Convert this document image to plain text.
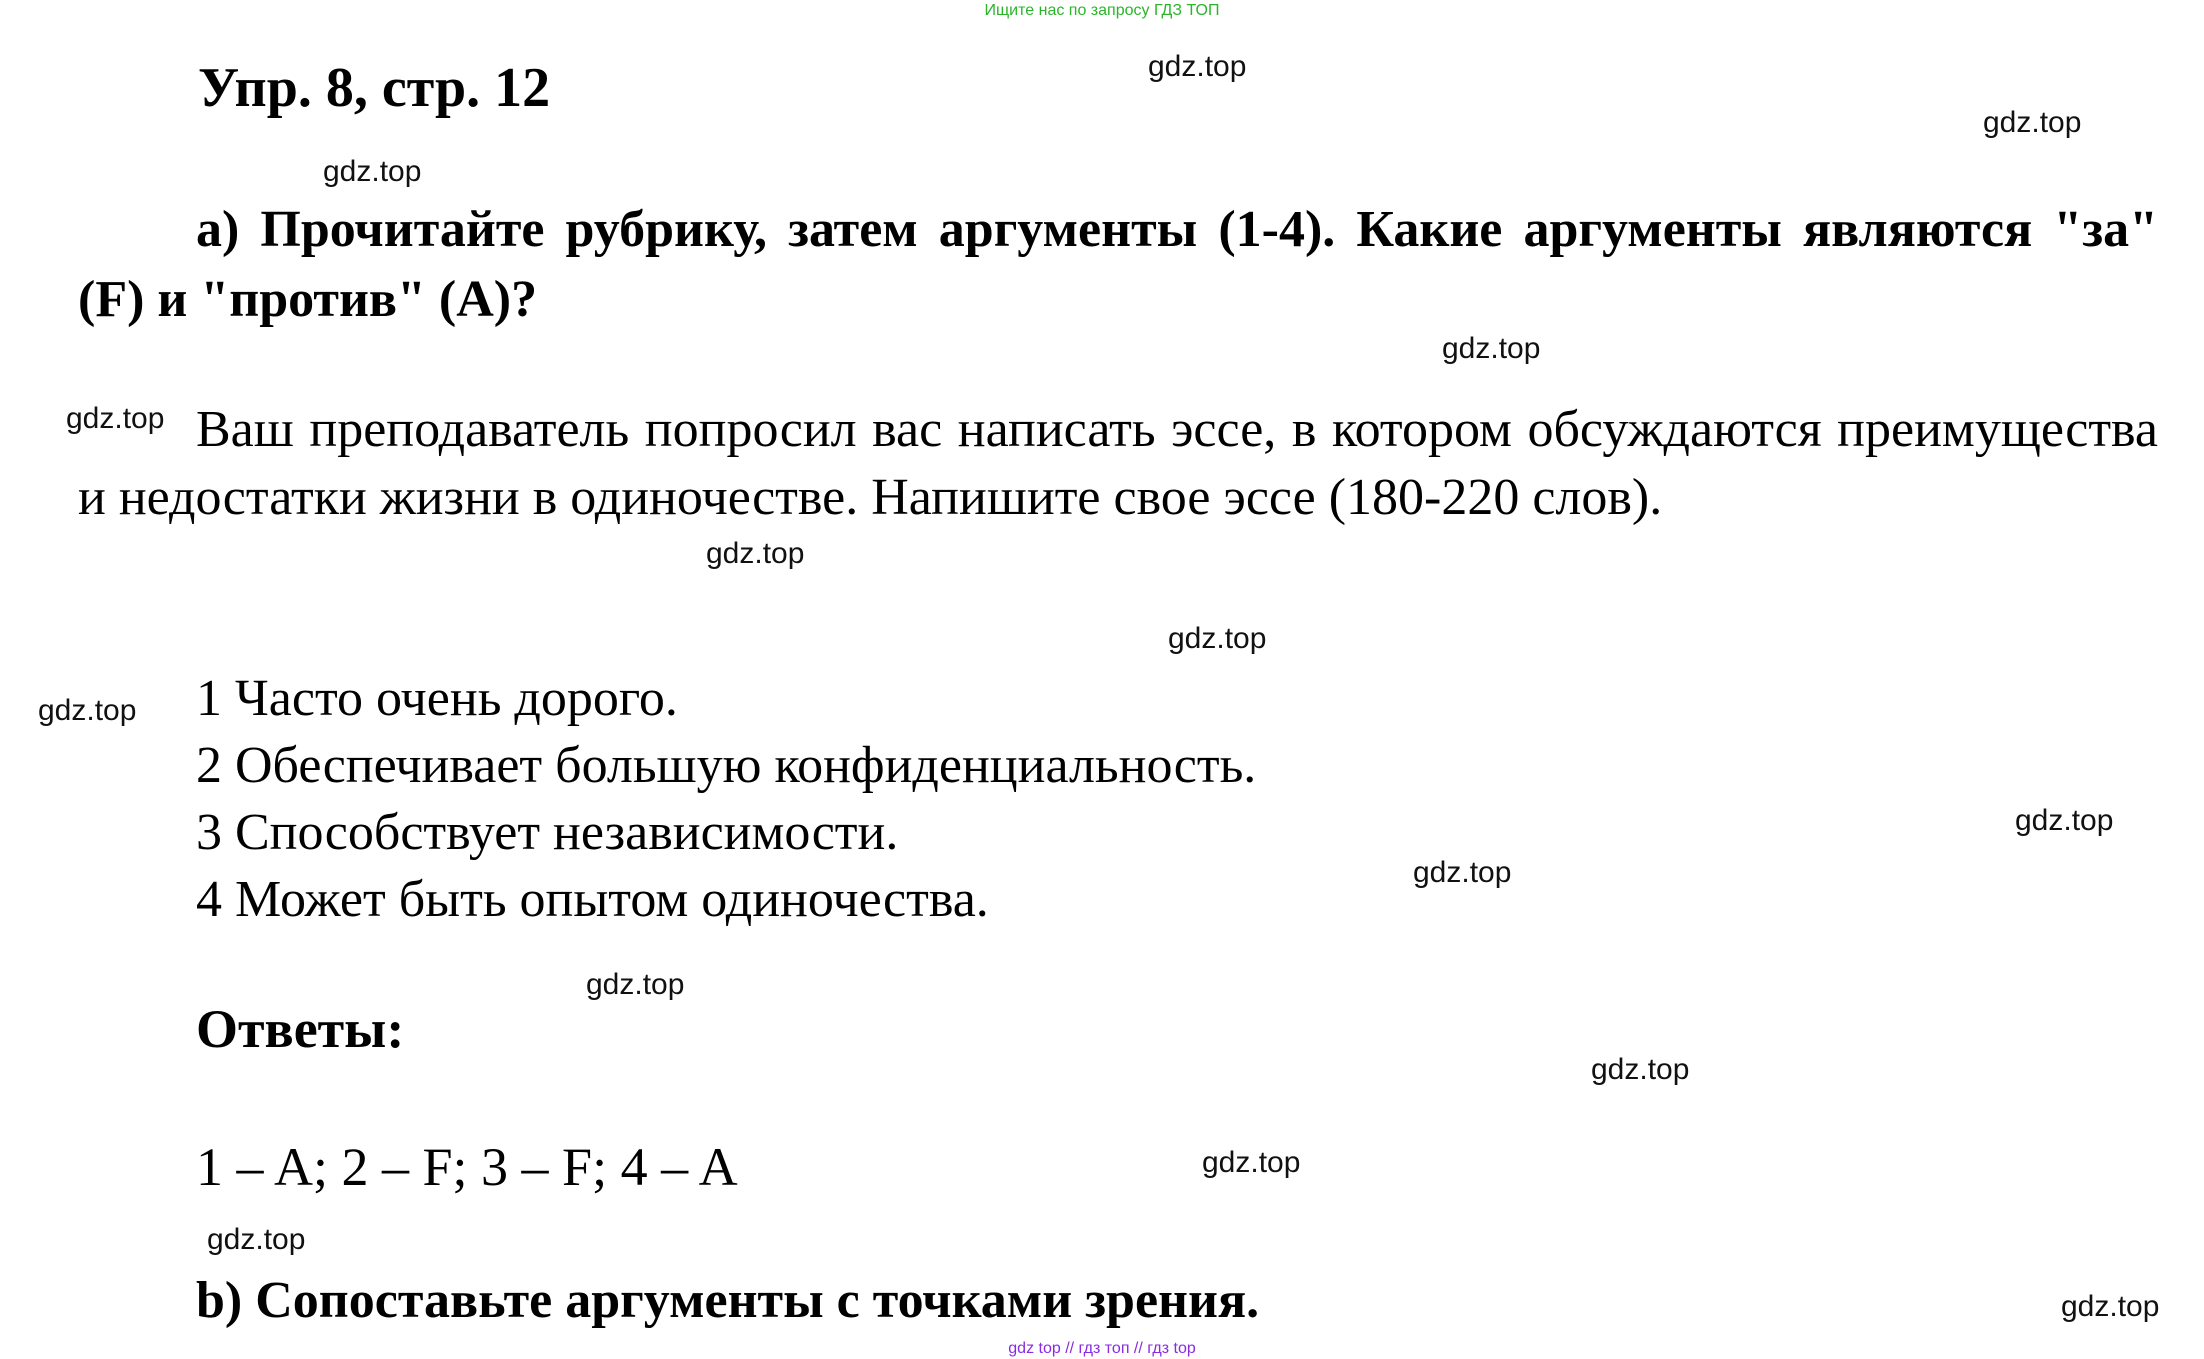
Ищите нас по запросу ГДЗ ТОП
Упр. 8, стр. 12

а) Прочитайте рубрику, затем аргументы (1-4). Какие аргументы являются "за" (F) и "против" (A)?

Ваш преподаватель попросил вас написать эссе, в котором обсуждаются преимущества и недостатки жизни в одиночестве. Напишите свое эссе (180-220 слов).

1 Часто очень дорого.
2 Обеспечивает большую конфиденциальность.
3 Способствует независимости.
4 Может быть опытом одиночества.
Ответы:

1 – A; 2 – F; 3 – F; 4 – A

b) Сопоставьте аргументы с точками зрения.

gdz.top
gdz.top
gdz.top
gdz.top
gdz.top
gdz.top
gdz.top
gdz.top
gdz.top
gdz.top
gdz.top
gdz.top
gdz.top
gdz.top
gdz.top
gdz top // гдз топ // гдз top
